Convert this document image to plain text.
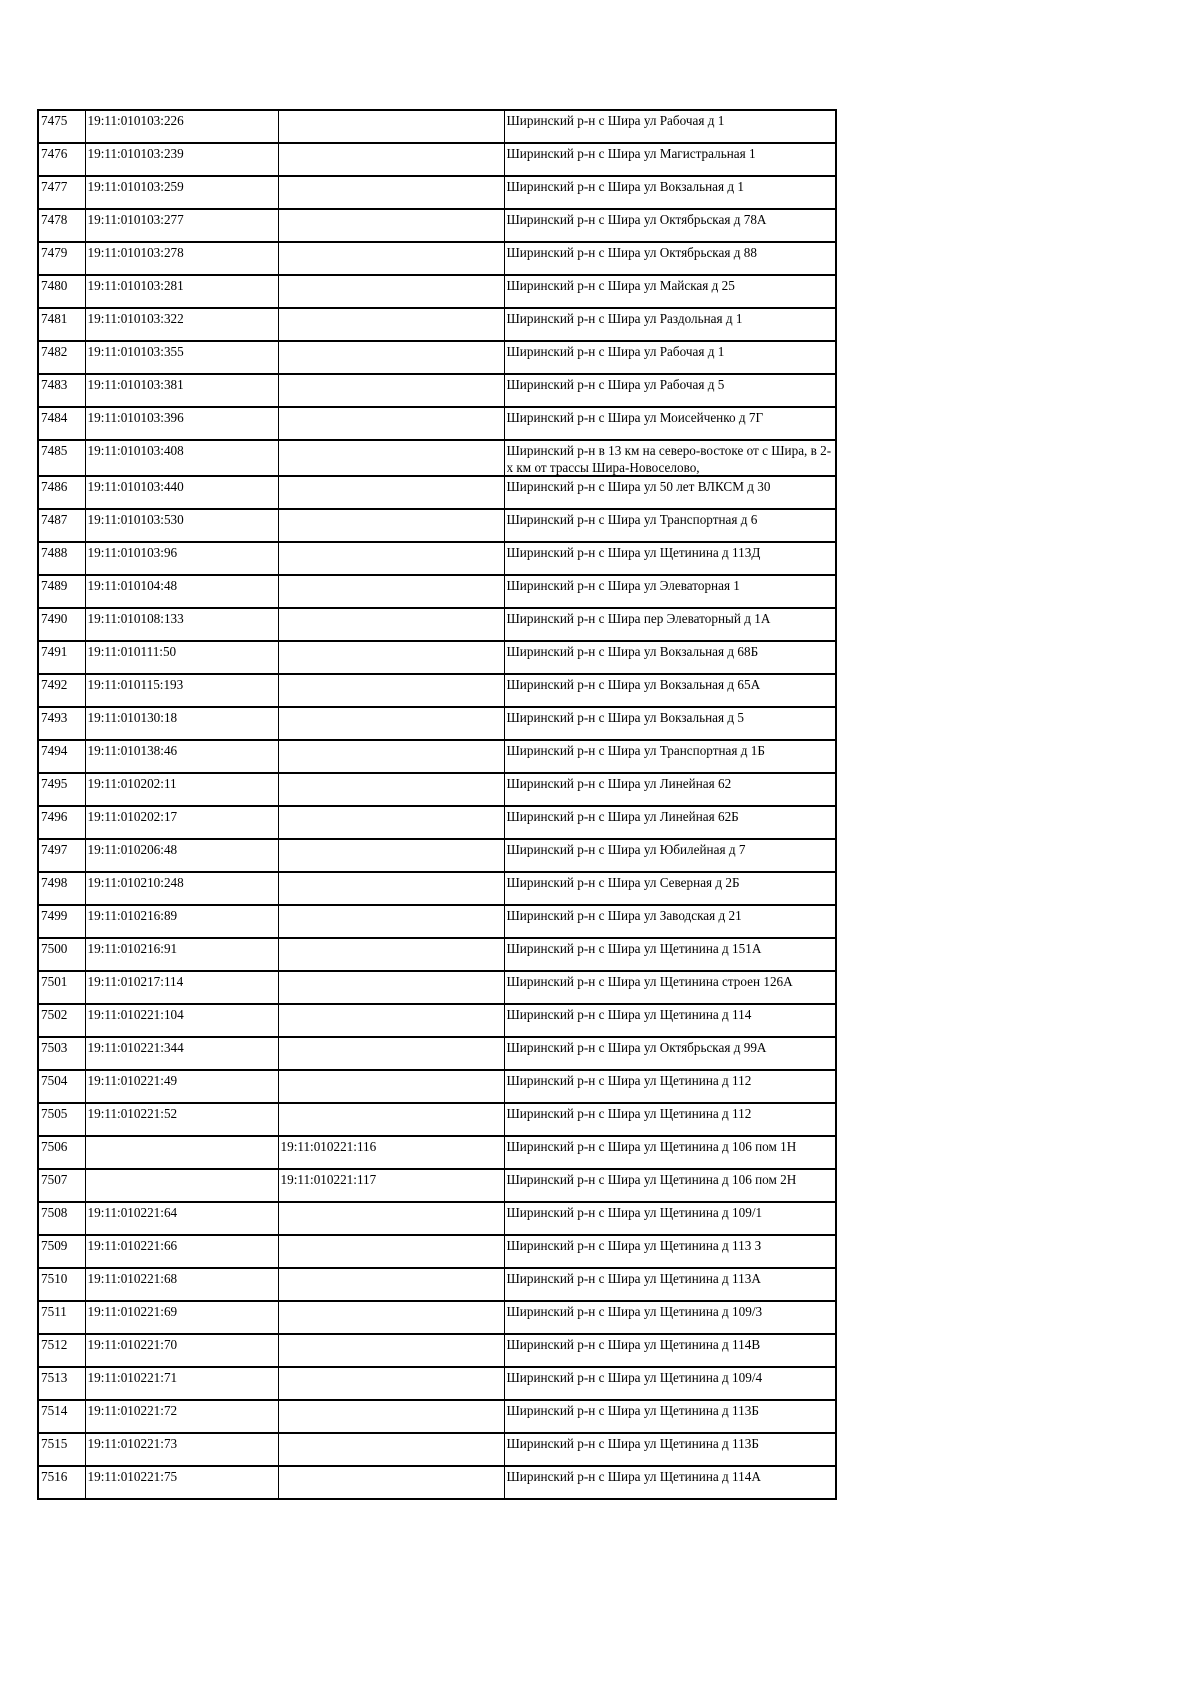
7475	19:11:010103:226		Ширинский р-н с Шира ул Рабочая д 1

7476	19:11:010103:239		Ширинский р-н с Шира ул Магистральная 1

7477	19:11:010103:259		Ширинский р-н с Шира ул Вокзальная д 1

7478	19:11:010103:277		Ширинский р-н с Шира ул Октябрьская д 78А

7479	19:11:010103:278		Ширинский р-н с Шира ул Октябрьская д 88

7480	19:11:010103:281		Ширинский р-н с Шира ул Майская д 25

7481	19:11:010103:322		Ширинский р-н с Шира ул Раздольная д 1

7482	19:11:010103:355		Ширинский р-н с Шира ул Рабочая д 1

7483	19:11:010103:381		Ширинский р-н с Шира ул Рабочая д 5

7484	19:11:010103:396		Ширинский р-н с Шира ул Моисейченко д 7Г

7485	19:11:010103:408		Ширинский р-н в 13 км на северо-востоке от с Шира, в 2-х км от трассы Шира-Новоселово,

7486	19:11:010103:440		Ширинский р-н с Шира ул 50 лет ВЛКСМ д 30

7487	19:11:010103:530		Ширинский р-н с Шира ул Транспортная д 6

7488	19:11:010103:96		Ширинский р-н с Шира ул Щетинина д 113Д

7489	19:11:010104:48		Ширинский р-н с Шира ул Элеваторная 1

7490	19:11:010108:133		Ширинский р-н с Шира пер Элеваторный д 1А

7491	19:11:010111:50		Ширинский р-н с Шира ул Вокзальная д 68Б

7492	19:11:010115:193		Ширинский р-н с Шира ул Вокзальная д 65А

7493	19:11:010130:18		Ширинский р-н с Шира ул Вокзальная д 5

7494	19:11:010138:46		Ширинский р-н с Шира ул Транспортная д 1Б

7495	19:11:010202:11		Ширинский р-н с Шира ул Линейная 62

7496	19:11:010202:17		Ширинский р-н с Шира ул Линейная 62Б

7497	19:11:010206:48		Ширинский р-н с Шира ул Юбилейная д 7

7498	19:11:010210:248		Ширинский р-н с Шира ул Северная д 2Б

7499	19:11:010216:89		Ширинский р-н с Шира ул Заводская д 21

7500	19:11:010216:91		Ширинский р-н с Шира ул Щетинина д 151А

7501	19:11:010217:114		Ширинский р-н с Шира ул Щетинина строен 126А

7502	19:11:010221:104		Ширинский р-н с Шира ул Щетинина д 114

7503	19:11:010221:344		Ширинский р-н с Шира ул Октябрьская д 99А

7504	19:11:010221:49		Ширинский р-н с Шира ул Щетинина д 112

7505	19:11:010221:52		Ширинский р-н с Шира ул Щетинина д 112

7506		19:11:010221:116	Ширинский р-н с Шира ул Щетинина д 106 пом 1Н

7507		19:11:010221:117	Ширинский р-н с Шира ул Щетинина д 106 пом 2Н

7508	19:11:010221:64		Ширинский р-н с Шира ул Щетинина д 109/1

7509	19:11:010221:66		Ширинский р-н с Шира ул Щетинина д 113 З

7510	19:11:010221:68		Ширинский р-н с Шира ул Щетинина д 113А

7511	19:11:010221:69		Ширинский р-н с Шира ул Щетинина д 109/3

7512	19:11:010221:70		Ширинский р-н с Шира ул Щетинина д 114В

7513	19:11:010221:71		Ширинский р-н с Шира ул Щетинина д 109/4

7514	19:11:010221:72		Ширинский р-н с Шира ул Щетинина д 113Б

7515	19:11:010221:73		Ширинский р-н с Шира ул Щетинина д 113Б

7516	19:11:010221:75		Ширинский р-н с Шира ул Щетинина д 114А
